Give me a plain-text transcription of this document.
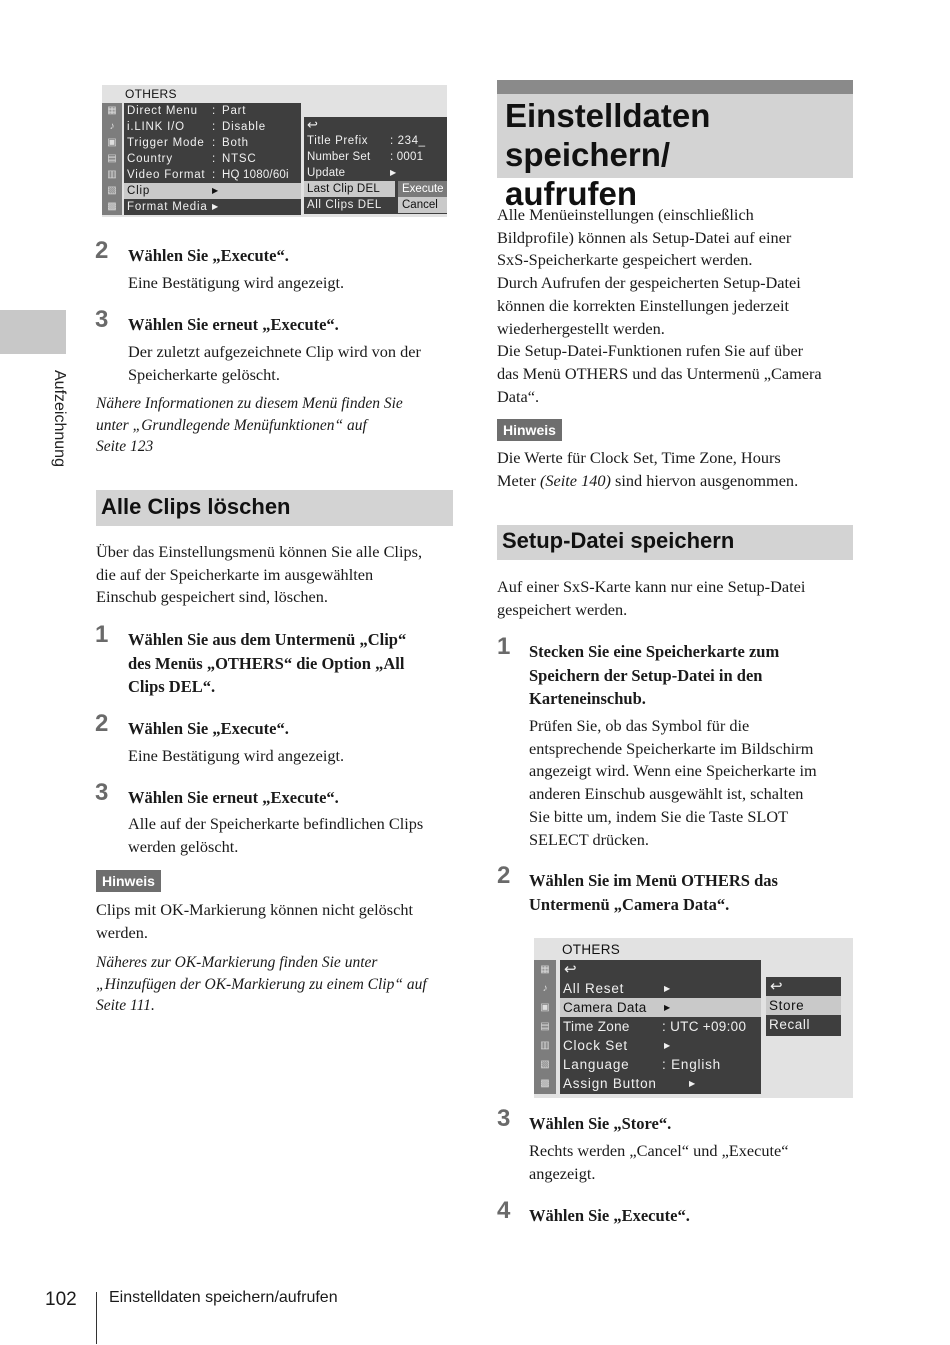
Aufzeichnung
OTHERS
▦
♪
▣
▤
▥
▧
▩
Direct Menu : Part
i.LINK I/O : Disable
Trigger Mode : Both
Country	: NTSC
Video Format : HQ 1080/60i
Clip	▶
Format Media ▶
↩
Title Prefix : 234_
Number Set : 0001
Update	▶
Last Clip DEL
All Clips DEL
Execute
Cancel
2 Wählen Sie „Execute“.
Eine Bestätigung wird angezeigt.
3 Wählen Sie erneut „Execute“.
Der zuletzt aufgezeichnete Clip wird von der
Speicherkarte gelöscht.
Nähere Informationen zu diesem Menü finden Sie
unter „Grundlegende Menüfunktionen“ auf
Seite 123
Alle Clips löschen
Über das Einstellungsmenü können Sie alle Clips,
die auf der Speicherkarte im ausgewählten
Einschub gespeichert sind, löschen.
1 Wählen Sie aus dem Untermenü „Clip“
des Menüs „OTHERS“ die Option „All
Clips DEL“.
2 Wählen Sie „Execute“.
Eine Bestätigung wird angezeigt.
3 Wählen Sie erneut „Execute“.
Alle auf der Speicherkarte befindlichen Clips
werden gelöscht.
Hinweis
Clips mit OK-Markierung können nicht gelöscht
werden.
Näheres zur OK-Markierung finden Sie unter
„Hinzufügen der OK-Markierung zu einem Clip“ auf
Seite 111.
Einstelldaten speichern/
aufrufen
Alle Menüeinstellungen (einschließlich
Bildprofile) können als Setup-Datei auf einer
SxS-Speicherkarte gespeichert werden.
Durch Aufrufen der gespeicherten Setup-Datei
können die korrekten Einstellungen jederzeit
wiederhergestellt werden.
Die Setup-Datei-Funktionen rufen Sie auf über
das Menü OTHERS und das Untermenü „Camera
Data“.
Hinweis
Die Werte für Clock Set, Time Zone, Hours
Meter (Seite 140) sind hiervon ausgenommen.
Setup-Datei speichern
Auf einer SxS-Karte kann nur eine Setup-Datei
gespeichert werden.
1 Stecken Sie eine Speicherkarte zum
Speichern der Setup-Datei in den
Karteneinschub.
Prüfen Sie, ob das Symbol für die
entsprechende Speicherkarte im Bildschirm
angezeigt wird. Wenn eine Speicherkarte im
anderen Einschub ausgewählt ist, schalten
Sie bitte um, indem Sie die Taste SLOT
SELECT drücken.
2 Wählen Sie im Menü OTHERS das
Untermenü „Camera Data“.
OTHERS
▦
♪
▣
▤
▥
▧
▩
↩
All Reset	▶
Camera Data ▶
Time Zone : UTC +09:00
Clock Set	▶
Language : English
Assign Button	▶
↩
Store
Recall
3 Wählen Sie „Store“.
Rechts werden „Cancel“ und „Execute“
angezeigt.
4 Wählen Sie „Execute“.
102 Einstelldaten speichern/aufrufen
